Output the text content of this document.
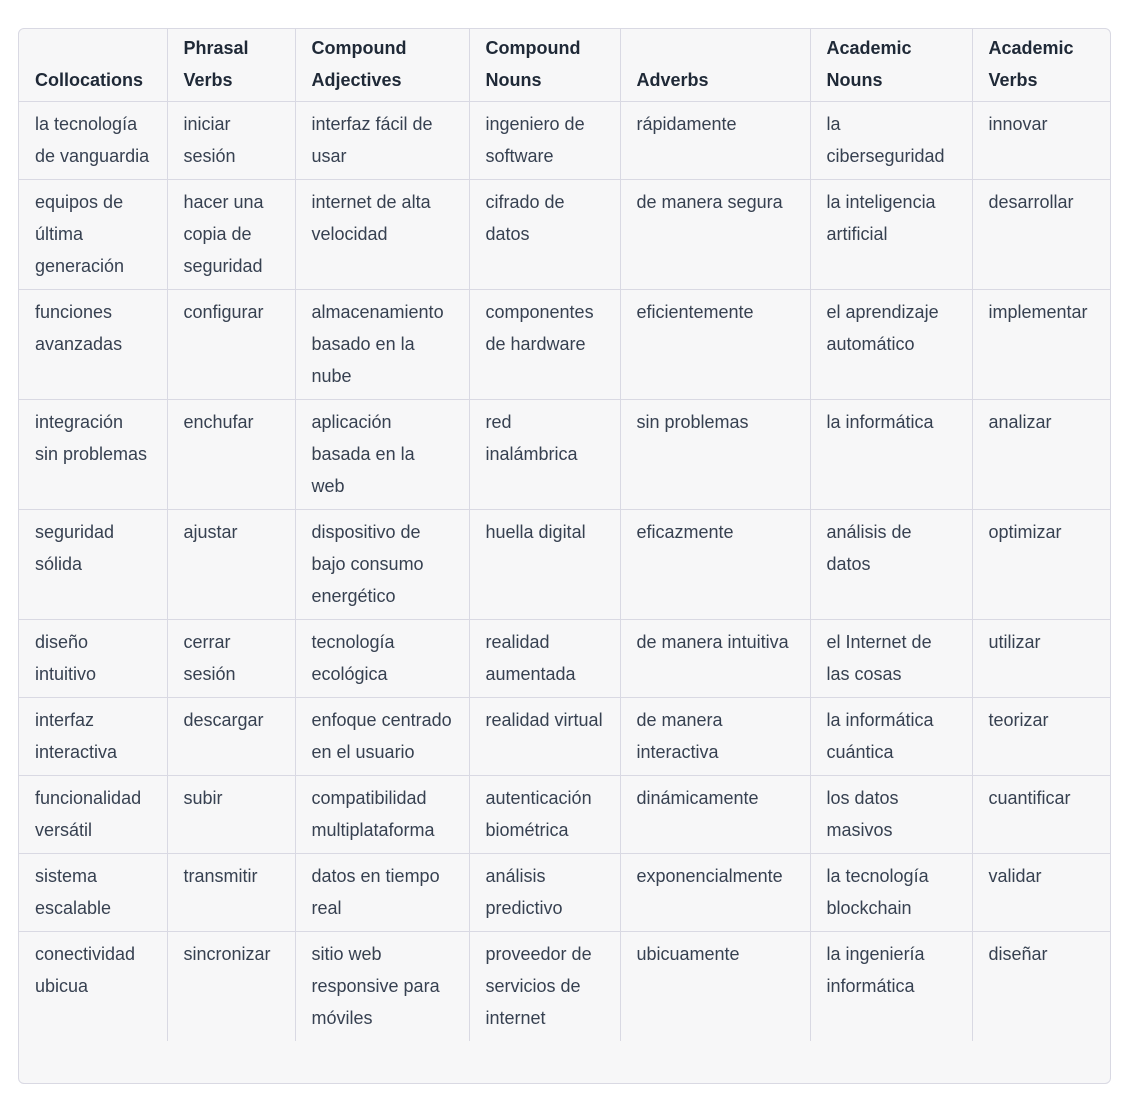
Collocations	Phrasal Verbs	Compound Adjectives	Compound Nouns	Adverbs	Academic Nouns	Academic Verbs
la tecnología de vanguardia	iniciar sesión	interfaz fácil de usar	ingeniero de software	rápidamente	la ciberseguridad	innovar
equipos de última generación	hacer una copia de seguridad	internet de alta velocidad	cifrado de datos	de manera segura	la inteligencia artificial	desarrollar
funciones avanzadas	configurar	almacenamiento basado en la nube	componentes de hardware	eficientemente	el aprendizaje automático	implementar
integración sin problemas	enchufar	aplicación basada en la web	red inalámbrica	sin problemas	la informática	analizar
seguridad sólida	ajustar	dispositivo de bajo consumo energético	huella digital	eficazmente	análisis de datos	optimizar
diseño intuitivo	cerrar sesión	tecnología ecológica	realidad aumentada	de manera intuitiva	el Internet de las cosas	utilizar
interfaz interactiva	descargar	enfoque centrado en el usuario	realidad virtual	de manera interactiva	la informática cuántica	teorizar
funcionalidad versátil	subir	compatibilidad multiplataforma	autenticación biométrica	dinámicamente	los datos masivos	cuantificar
sistema escalable	transmitir	datos en tiempo real	análisis predictivo	exponencialmente	la tecnología blockchain	validar
conectividad ubicua	sincronizar	sitio web responsive para móviles	proveedor de servicios de internet	ubicuamente	la ingeniería informática	diseñar
